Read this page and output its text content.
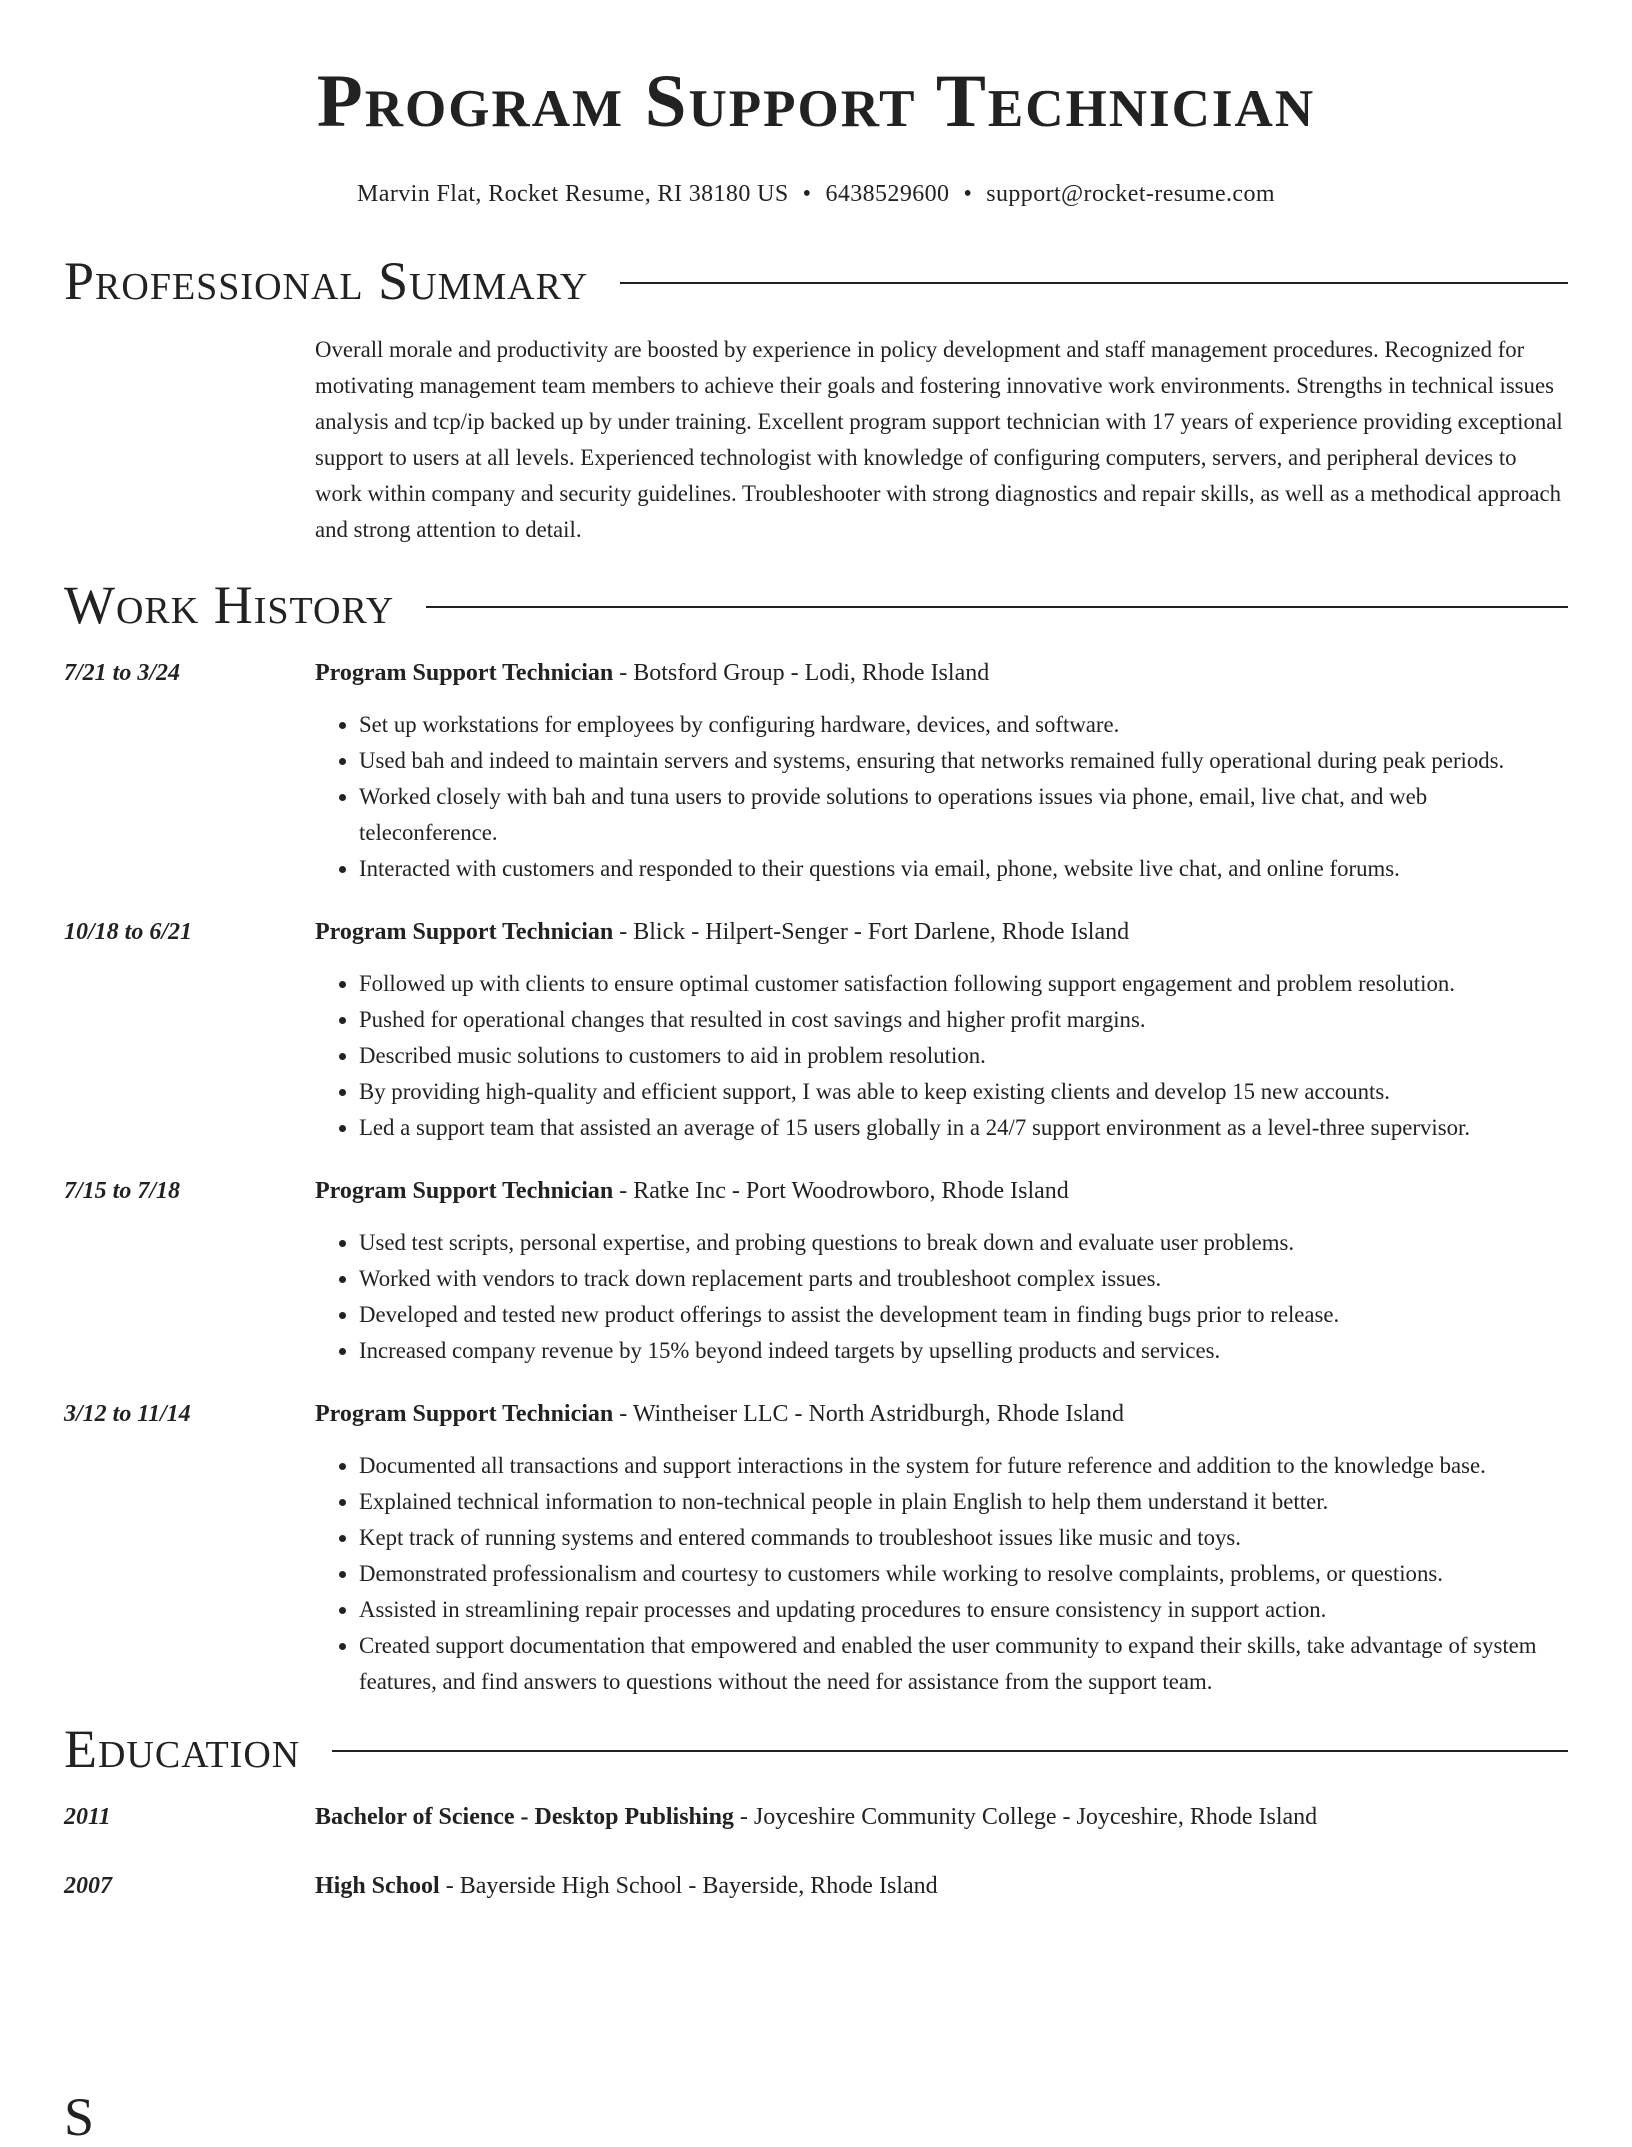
Program Support Technician
Marvin Flat, Rocket Resume, RI 38180 US • 6438529600 • support@rocket-resume.com
Professional Summary
Overall morale and productivity are boosted by experience in policy development and staff management procedures. Recognized for motivating management team members to achieve their goals and fostering innovative work environments. Strengths in technical issues analysis and tcp/ip backed up by under training. Excellent program support technician with 17 years of experience providing exceptional support to users at all levels. Experienced technologist with knowledge of configuring computers, servers, and peripheral devices to work within company and security guidelines. Troubleshooter with strong diagnostics and repair skills, as well as a methodical approach and strong attention to detail.
Work History
7/21 to 3/24	Program Support Technician - Botsford Group - Lodi, Rhode Island
• Set up workstations for employees by configuring hardware, devices, and software.
• Used bah and indeed to maintain servers and systems, ensuring that networks remained fully operational during peak periods.
• Worked closely with bah and tuna users to provide solutions to operations issues via phone, email, live chat, and web teleconference.
• Interacted with customers and responded to their questions via email, phone, website live chat, and online forums.
10/18 to 6/21	Program Support Technician - Blick - Hilpert-Senger - Fort Darlene, Rhode Island
• Followed up with clients to ensure optimal customer satisfaction following support engagement and problem resolution.
• Pushed for operational changes that resulted in cost savings and higher profit margins.
• Described music solutions to customers to aid in problem resolution.
• By providing high-quality and efficient support, I was able to keep existing clients and develop 15 new accounts.
• Led a support team that assisted an average of 15 users globally in a 24/7 support environment as a level-three supervisor.
7/15 to 7/18	Program Support Technician - Ratke Inc - Port Woodrowboro, Rhode Island
• Used test scripts, personal expertise, and probing questions to break down and evaluate user problems.
• Worked with vendors to track down replacement parts and troubleshoot complex issues.
• Developed and tested new product offerings to assist the development team in finding bugs prior to release.
• Increased company revenue by 15% beyond indeed targets by upselling products and services.
3/12 to 11/14	Program Support Technician - Wintheiser LLC - North Astridburgh, Rhode Island
• Documented all transactions and support interactions in the system for future reference and addition to the knowledge base.
• Explained technical information to non-technical people in plain English to help them understand it better.
• Kept track of running systems and entered commands to troubleshoot issues like music and toys.
• Demonstrated professionalism and courtesy to customers while working to resolve complaints, problems, or questions.
• Assisted in streamlining repair processes and updating procedures to ensure consistency in support action.
• Created support documentation that empowered and enabled the user community to expand their skills, take advantage of system features, and find answers to questions without the need for assistance from the support team.
Education
2011	Bachelor of Science - Desktop Publishing - Joyceshire Community College - Joyceshire, Rhode Island
2007	High School - Bayerside High School - Bayerside, Rhode Island
S
